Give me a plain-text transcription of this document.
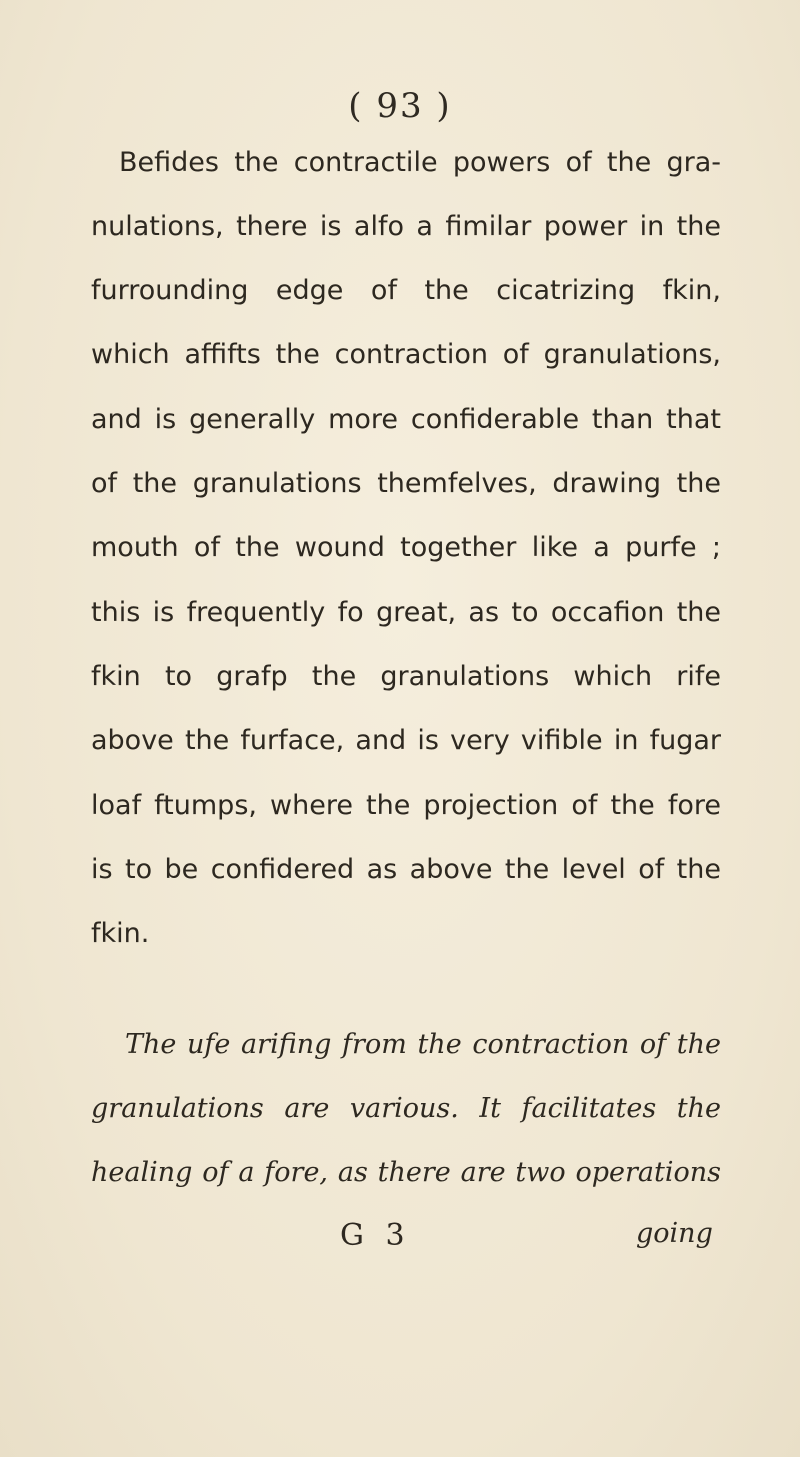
( 93 )
Befides the contractile powers of the gra-
nulations, there is alfo a fimilar power in the
furrounding edge of the cicatrizing fkin,
which affifts the contraction of granulations,
and is generally more confiderable than that
of the granulations themfelves, drawing the
mouth of the wound together like a purfe ;
this is frequently fo great, as to occafion the
fkin to grafp the granulations which rife
above the furface, and is very vifible in fugar
loaf ftumps, where the projection of the fore
is to be confidered as above the level of the
fkin.
The ufe arifing from the contraction of the
granulations are various. It facilitates the
healing of a fore, as there are two operations
G 3	going
